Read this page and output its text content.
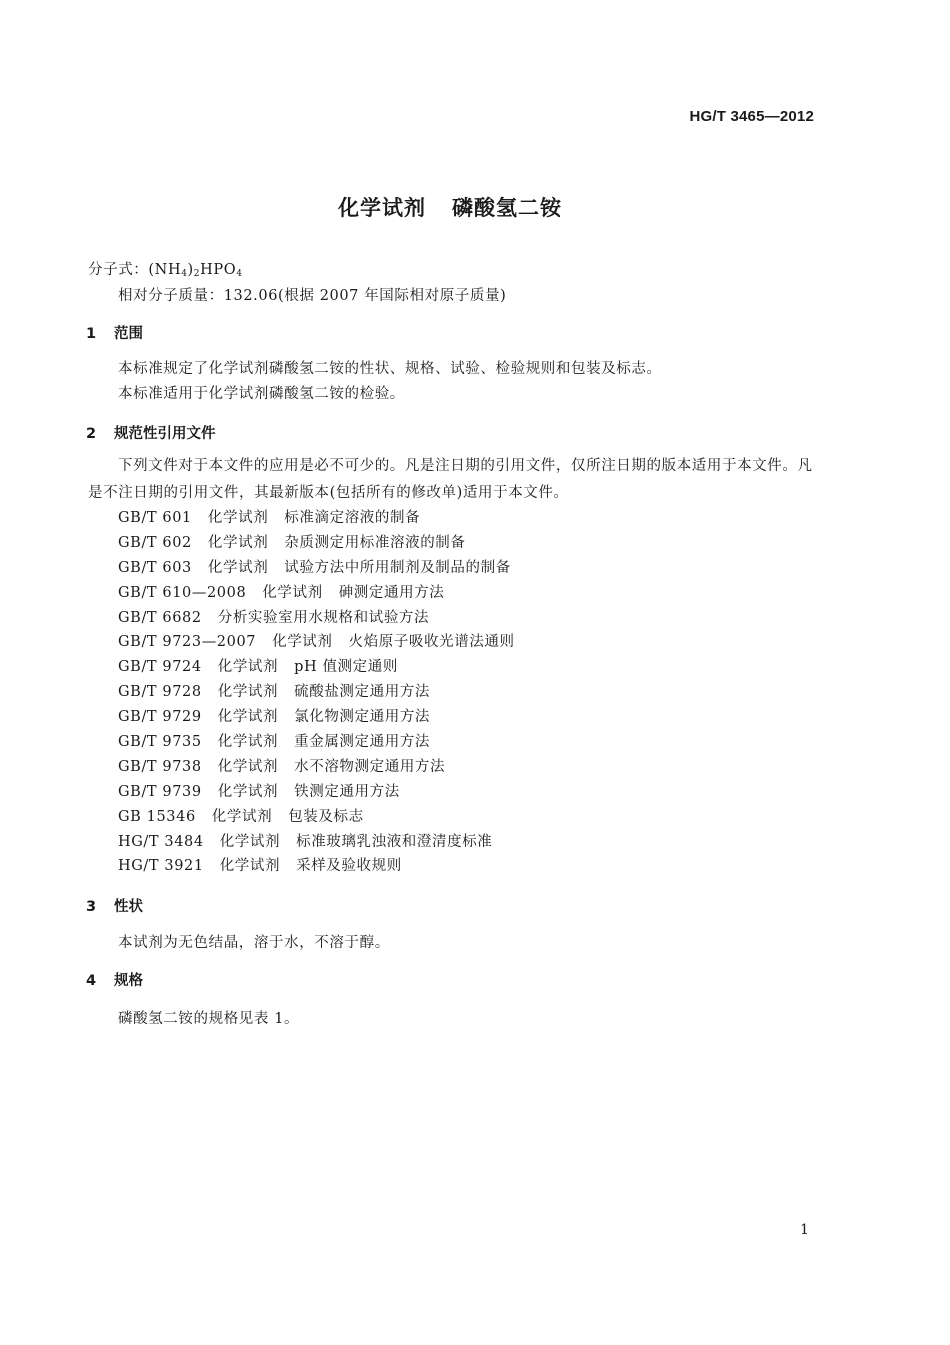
HG/T 3465—2012
化学试剂 磷酸氢二铵
分子式：$(NH_4)_2HPO_4$
相对分子质量：132.06(根据 2007 年国际相对原子质量)
1 范围
本标准规定了化学试剂磷酸氢二铵的性状、规格、试验、检验规则和包装及标志。
本标准适用于化学试剂磷酸氢二铵的检验。
2 规范性引用文件
下列文件对于本文件的应用是必不可少的。凡是注日期的引用文件，仅所注日期的版本适用于本文件。凡是不注日期的引用文件，其最新版本(包括所有的修改单)适用于本文件。
GB/T 601 化学试剂 标准滴定溶液的制备
GB/T 602 化学试剂 杂质测定用标准溶液的制备
GB/T 603 化学试剂 试验方法中所用制剂及制品的制备
GB/T 610—2008 化学试剂 砷测定通用方法
GB/T 6682 分析实验室用水规格和试验方法
GB/T 9723—2007 化学试剂 火焰原子吸收光谱法通则
GB/T 9724 化学试剂 pH 值测定通则
GB/T 9728 化学试剂 硫酸盐测定通用方法
GB/T 9729 化学试剂 氯化物测定通用方法
GB/T 9735 化学试剂 重金属测定通用方法
GB/T 9738 化学试剂 水不溶物测定通用方法
GB/T 9739 化学试剂 铁测定通用方法
GB 15346 化学试剂 包装及标志
HG/T 3484 化学试剂 标准玻璃乳浊液和澄清度标准
HG/T 3921 化学试剂 采样及验收规则
3 性状
本试剂为无色结晶，溶于水，不溶于醇。
4 规格
磷酸氢二铵的规格见表 1。
1
